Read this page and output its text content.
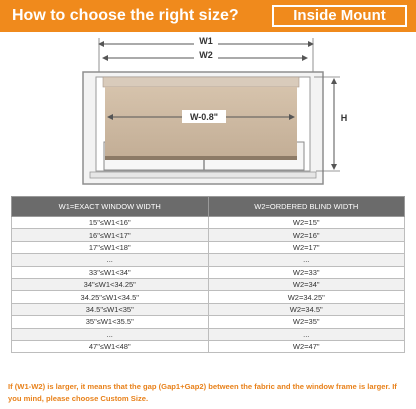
How to choose the right size?	Inside Mount
W1
W2
W-0.8"	H
W1=EXACT WINDOW WIDTH	W2=ORDERED BLIND WIDTH
15"≤W1<16"	W2=15"
16"≤W1<17"	W2=16"
17"≤W1<18"	W2=17"
...	...
33"≤W1<34"	W2=33"
34"≤W1<34.25"	W2=34"
34.25"≤W1<34.5"	W2=34.25"
34.5"≤W1<35"	W2=34.5"
35"≤W1<35.5"	W2=35"
...	...
47"≤W1<48"	W2=47"
If (W1-W2) is larger, it means that the gap (Gap1+Gap2) between the fabric and the window frame is larger. If you mind, please choose Custom Size.
